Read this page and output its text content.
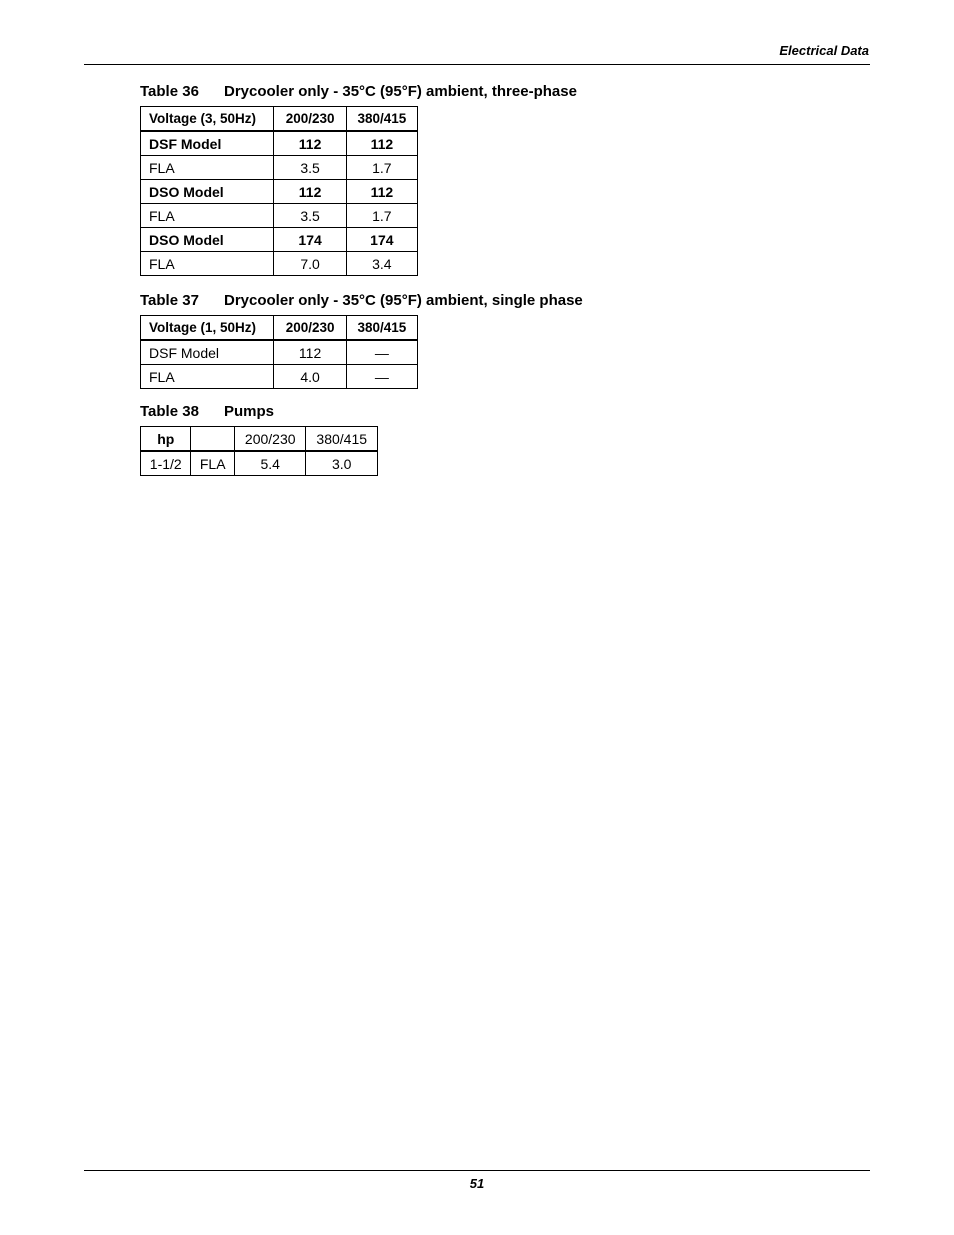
Electrical Data
Table 36 Drycooler only - 35°C (95°F) ambient, three-phase
Voltage (3, 50Hz)	200/230	380/415
DSF Model	112	112
FLA	3.5	1.7
DSO Model	112	112
FLA	3.5	1.7
DSO Model	174	174
FLA	7.0	3.4
Table 37 Drycooler only - 35°C (95°F) ambient, single phase
Voltage (1, 50Hz)	200/230	380/415
DSF Model	112	—
FLA	4.0	—
Table 38 Pumps
hp		200/230	380/415
1-1/2	FLA	5.4	3.0
51
